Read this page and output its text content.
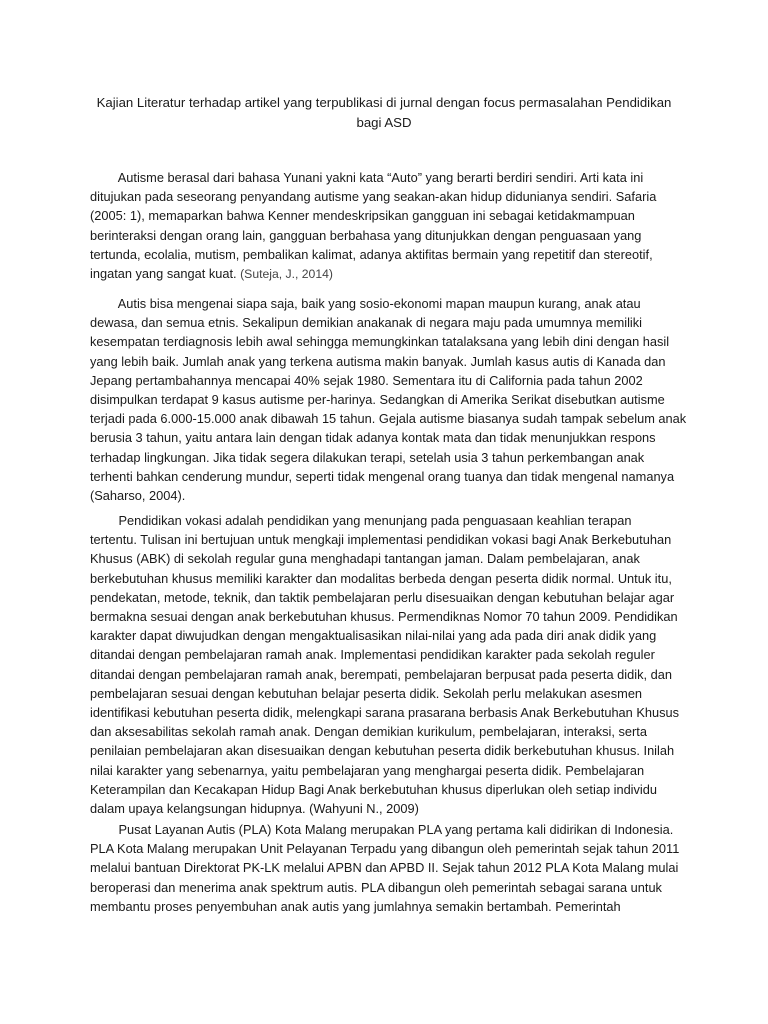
Kajian Literatur terhadap artikel yang terpublikasi di jurnal dengan focus permasalahan Pendidikan
bagi ASD
Autisme berasal dari bahasa Yunani yakni kata “Auto” yang berarti berdiri sendiri. Arti kata ini
ditujukan pada seseorang penyandang autisme yang seakan-akan hidup didunianya sendiri. Safaria
(2005: 1), memaparkan bahwa Kenner mendeskripsikan gangguan ini sebagai ketidakmampuan
berinteraksi dengan orang lain, gangguan berbahasa yang ditunjukkan dengan penguasaan yang
tertunda, ecolalia, mutism, pembalikan kalimat, adanya aktifitas bermain yang repetitif dan stereotif,
ingatan yang sangat kuat. (Suteja, J., 2014)
Autis bisa mengenai siapa saja, baik yang sosio-ekonomi mapan maupun kurang, anak atau
dewasa, dan semua etnis. Sekalipun demikian anakanak di negara maju pada umumnya memiliki
kesempatan terdiagnosis lebih awal sehingga memungkinkan tatalaksana yang lebih dini dengan hasil
yang lebih baik. Jumlah anak yang terkena autisma makin banyak. Jumlah kasus autis di Kanada dan
Jepang pertambahannya mencapai 40% sejak 1980. Sementara itu di California pada tahun 2002
disimpulkan terdapat 9 kasus autisme per-harinya. Sedangkan di Amerika Serikat disebutkan autisme
terjadi pada 6.000-15.000 anak dibawah 15 tahun. Gejala autisme biasanya sudah tampak sebelum anak
berusia 3 tahun, yaitu antara lain dengan tidak adanya kontak mata dan tidak menunjukkan respons
terhadap lingkungan. Jika tidak segera dilakukan terapi, setelah usia 3 tahun perkembangan anak
terhenti bahkan cenderung mundur, seperti tidak mengenal orang tuanya dan tidak mengenal namanya
(Saharso, 2004).
Pendidikan vokasi adalah pendidikan yang menunjang pada penguasaan keahlian terapan
tertentu. Tulisan ini bertujuan untuk mengkaji implementasi pendidikan vokasi bagi Anak Berkebutuhan
Khusus (ABK) di sekolah regular guna menghadapi tantangan jaman. Dalam pembelajaran, anak
berkebutuhan khusus memiliki karakter dan modalitas berbeda dengan peserta didik normal. Untuk itu,
pendekatan, metode, teknik, dan taktik pembelajaran perlu disesuaikan dengan kebutuhan belajar agar
bermakna sesuai dengan anak berkebutuhan khusus. Permendiknas Nomor 70 tahun 2009. Pendidikan
karakter dapat diwujudkan dengan mengaktualisasikan nilai-nilai yang ada pada diri anak didik yang
ditandai dengan pembelajaran ramah anak. Implementasi pendidikan karakter pada sekolah reguler
ditandai dengan pembelajaran ramah anak, berempati, pembelajaran berpusat pada peserta didik, dan
pembelajaran sesuai dengan kebutuhan belajar peserta didik. Sekolah perlu melakukan asesmen
identifikasi kebutuhan peserta didik, melengkapi sarana prasarana berbasis Anak Berkebutuhan Khusus
dan aksesabilitas sekolah ramah anak. Dengan demikian kurikulum, pembelajaran, interaksi, serta
penilaian pembelajaran akan disesuaikan dengan kebutuhan peserta didik berkebutuhan khusus. Inilah
nilai karakter yang sebenarnya, yaitu pembelajaran yang menghargai peserta didik. Pembelajaran
Keterampilan dan Kecakapan Hidup Bagi Anak berkebutuhan khusus diperlukan oleh setiap individu
dalam upaya kelangsungan hidupnya. (Wahyuni N., 2009)
Pusat Layanan Autis (PLA) Kota Malang merupakan PLA yang pertama kali didirikan di Indonesia.
PLA Kota Malang merupakan Unit Pelayanan Terpadu yang dibangun oleh pemerintah sejak tahun 2011
melalui bantuan Direktorat PK-LK melalui APBN dan APBD II. Sejak tahun 2012 PLA Kota Malang mulai
beroperasi dan menerima anak spektrum autis. PLA dibangun oleh pemerintah sebagai sarana untuk
membantu proses penyembuhan anak autis yang jumlahnya semakin bertambah. Pemerintah
